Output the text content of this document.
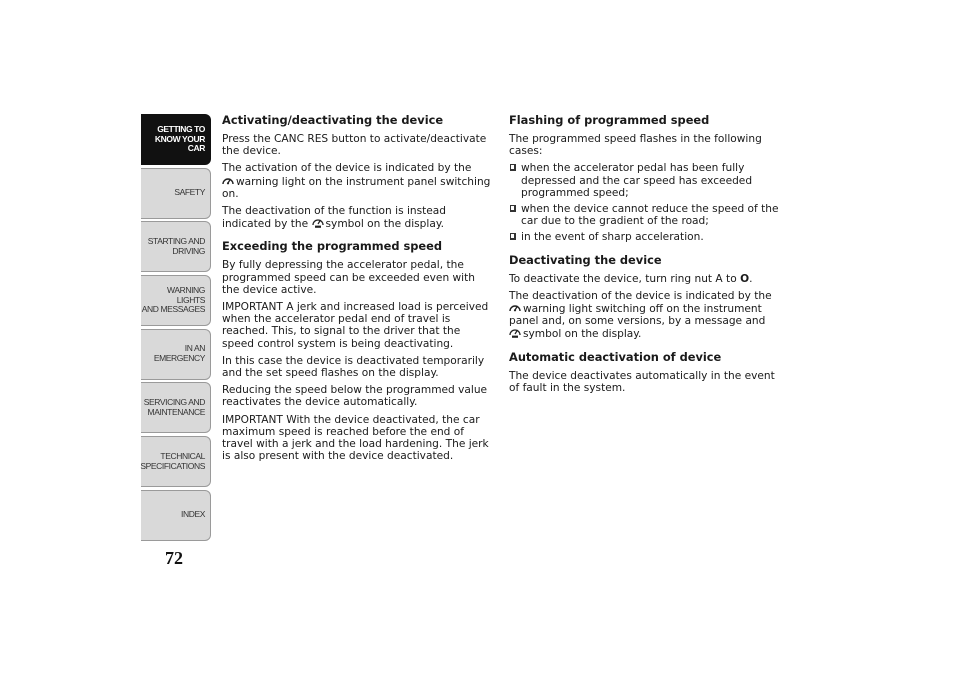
GETTING TO
KNOW YOUR CAR
SAFETY
STARTING AND
DRIVING
WARNING LIGHTS
AND MESSAGES
IN AN EMERGENCY
SERVICING AND
MAINTENANCE
TECHNICAL
SPECIFICATIONS
INDEX
72
Activating/deactivating the device

Press the CANC RES button to activate/deactivate the device.

The activation of the device is indicated by the
warning light on the instrument panel switching on.

The deactivation of the function is instead indicated by the symbol on the display.

Exceeding the programmed speed

By fully depressing the accelerator pedal, the programmed speed can be exceeded even with the device active.

IMPORTANT A jerk and increased load is perceived when the accelerator pedal end of travel is reached. This, to signal to the driver that the speed control system is being deactivating.

In this case the device is deactivated temporarily and the set speed flashes on the display.

Reducing the speed below the programmed value reactivates the device automatically.

IMPORTANT With the device deactivated, the car maximum speed is reached before the end of travel with a jerk and the load hardening. The jerk is also present with the device deactivated.

Flashing of programmed speed

The programmed speed flashes in the following cases:

when the accelerator pedal has been fully depressed and the car speed has exceeded programmed speed;
when the device cannot reduce the speed of the car due to the gradient of the road;
in the event of sharp acceleration.
Deactivating the device

To deactivate the device, turn ring nut A to O.

The deactivation of the device is indicated by the
warning light switching off on the instrument panel and, on some versions, by a message and
symbol on the display.

Automatic deactivation of device

The device deactivates automatically in the event of fault in the system.
